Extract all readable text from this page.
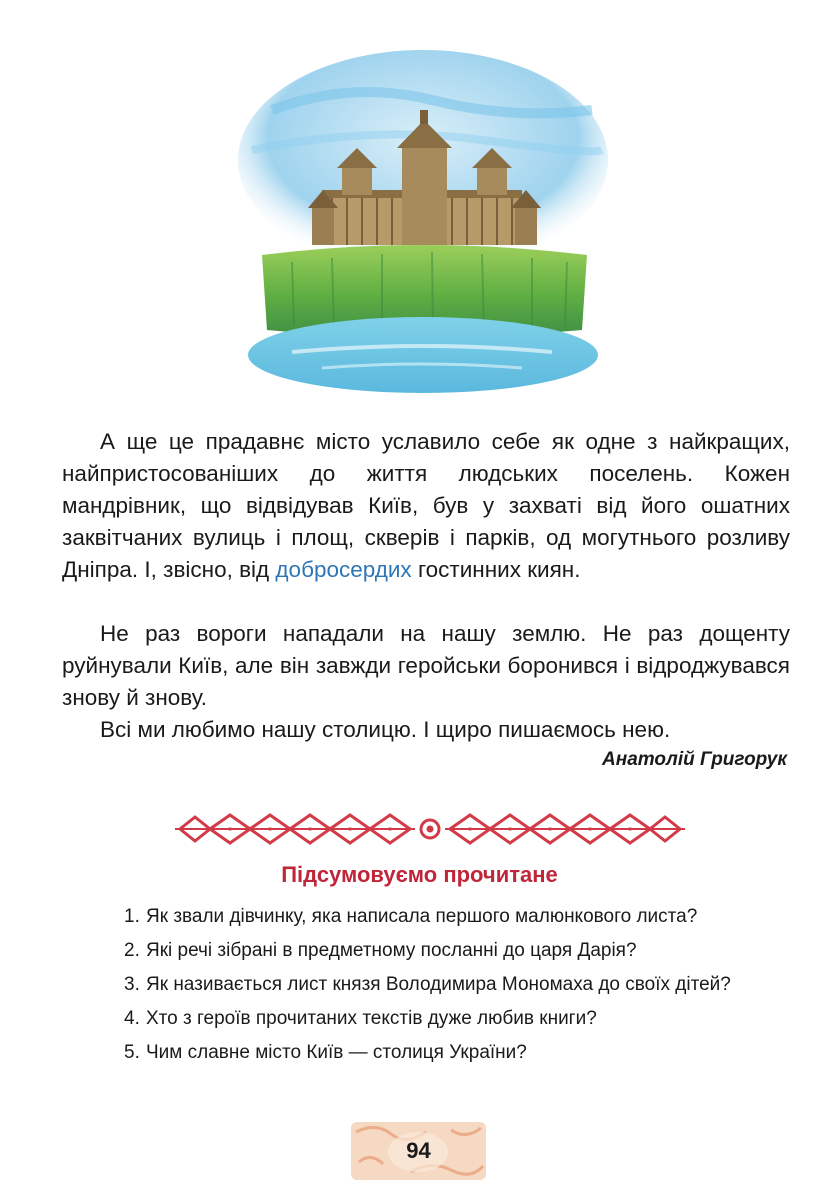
А ще це прадавнє місто уславило себе як одне з найкращих, найпристосованіших до життя людських поселень. Кожен мандрівник, що відвідував Київ, був у захваті від його ошатних заквітчаних вулиць і площ, скверів і парків, од могутнього розливу Дніпра. І, звісно, від добросердих гостинних киян.

Не раз вороги нападали на нашу землю. Не раз дощенту руйнували Київ, але він завжди геройськи боронився і відроджувався знову й знову.

Всі ми любимо нашу столицю. І щиро пишаємось нею.

Анатолій Григорук
Підсумовуємо прочитане
1. Як звали дівчинку, яка написала першого малюнкового листа?
2. Які речі зібрані в предметному посланні до царя Дарія?
3. Як називається лист князя Володимира Мономаха до своїх дітей?
4. Хто з героїв прочитаних текстів дуже любив книги?
5. Чим славне місто Київ — столиця України?
94
